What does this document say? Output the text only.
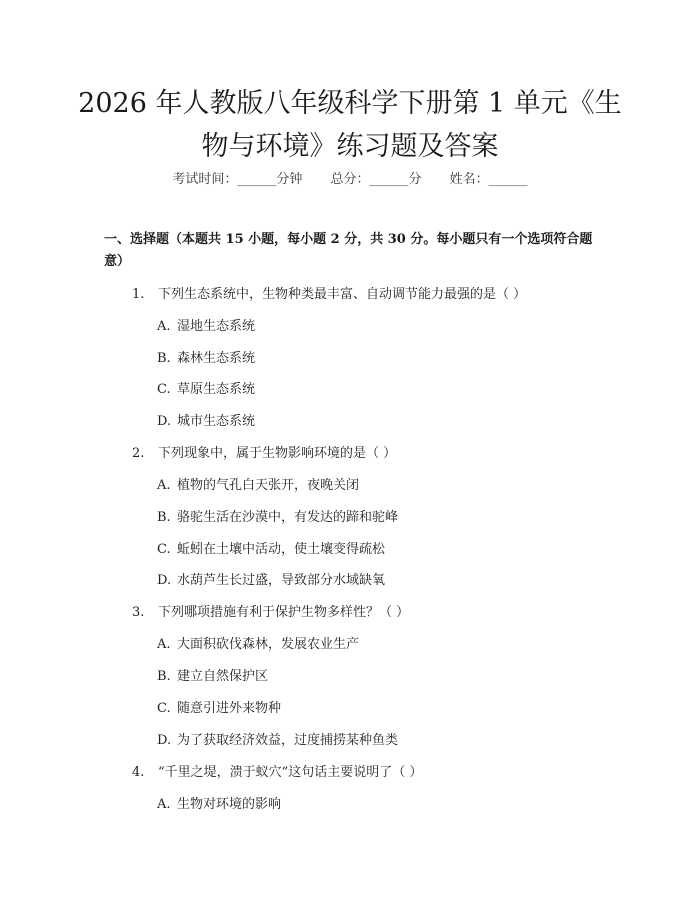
2026 年人教版八年级科学下册第 1 单元《生
物与环境》练习题及答案
考试时间：______分钟 总分：______分 姓名：______
一、选择题（本题共 15 小题，每小题 2 分，共 30 分。每小题只有一个选项符合题意）
1. 下列生态系统中，生物种类最丰富、自动调节能力最强的是（ ）
A. 湿地生态系统
B. 森林生态系统
C. 草原生态系统
D. 城市生态系统
2. 下列现象中，属于生物影响环境的是（ ）
A. 植物的气孔白天张开，夜晚关闭
B. 骆驼生活在沙漠中，有发达的蹄和驼峰
C. 蚯蚓在土壤中活动，使土壤变得疏松
D. 水葫芦生长过盛，导致部分水域缺氧
3. 下列哪项措施有利于保护生物多样性？（ ）
A. 大面积砍伐森林，发展农业生产
B. 建立自然保护区
C. 随意引进外来物种
D. 为了获取经济效益，过度捕捞某种鱼类
4. “千里之堤，溃于蚁穴”这句话主要说明了（ ）
A. 生物对环境的影响
